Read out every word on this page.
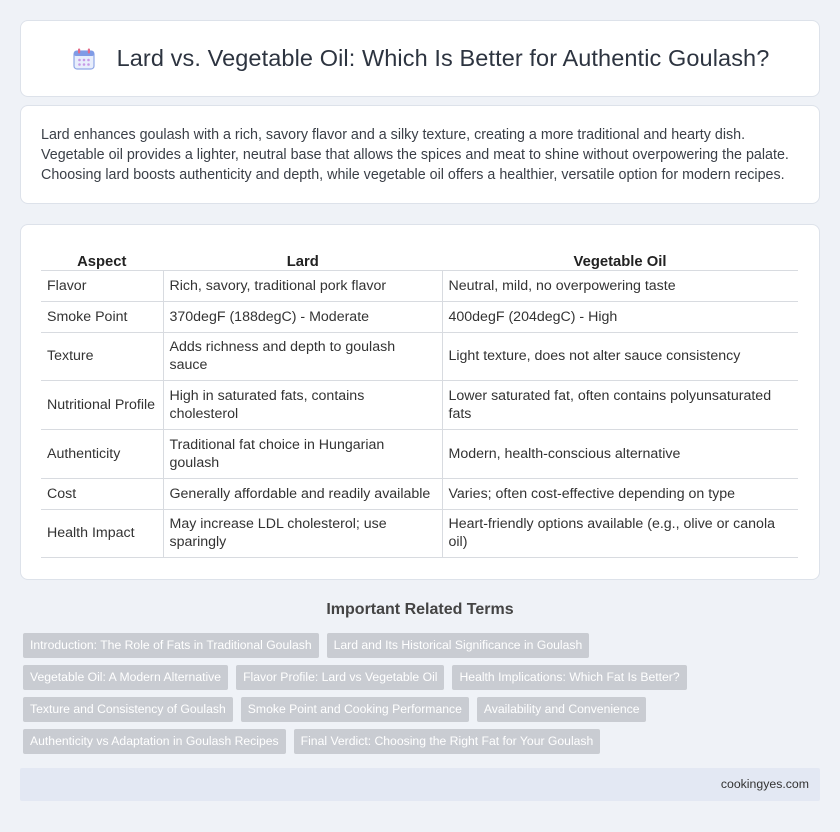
Lard vs. Vegetable Oil: Which Is Better for Authentic Goulash?

Lard enhances goulash with a rich, savory flavor and a silky texture, creating a more traditional and hearty dish. Vegetable oil provides a lighter, neutral base that allows the spices and meat to shine without overpowering the palate. Choosing lard boosts authenticity and depth, while vegetable oil offers a healthier, versatile option for modern recipes.

Aspect	Lard	Vegetable Oil
Flavor	Rich, savory, traditional pork flavor	Neutral, mild, no overpowering taste
Smoke Point	370degF (188degC) - Moderate	400degF (204degC) - High
Texture	Adds richness and depth to goulash sauce	Light texture, does not alter sauce consistency
Nutritional Profile	High in saturated fats, contains cholesterol	Lower saturated fat, often contains polyunsaturated fats
Authenticity	Traditional fat choice in Hungarian goulash	Modern, health-conscious alternative
Cost	Generally affordable and readily available	Varies; often cost-effective depending on type
Health Impact	May increase LDL cholesterol; use sparingly	Heart-friendly options available (e.g., olive or canola oil)
Important Related Terms
Introduction: The Role of Fats in Traditional Goulash	Lard and Its Historical Significance in Goulash
Vegetable Oil: A Modern Alternative	Flavor Profile: Lard vs Vegetable Oil	Health Implications: Which Fat Is Better?
Texture and Consistency of Goulash	Smoke Point and Cooking Performance	Availability and Convenience
Authenticity vs Adaptation in Goulash Recipes	Final Verdict: Choosing the Right Fat for Your Goulash
cookingyes.com
